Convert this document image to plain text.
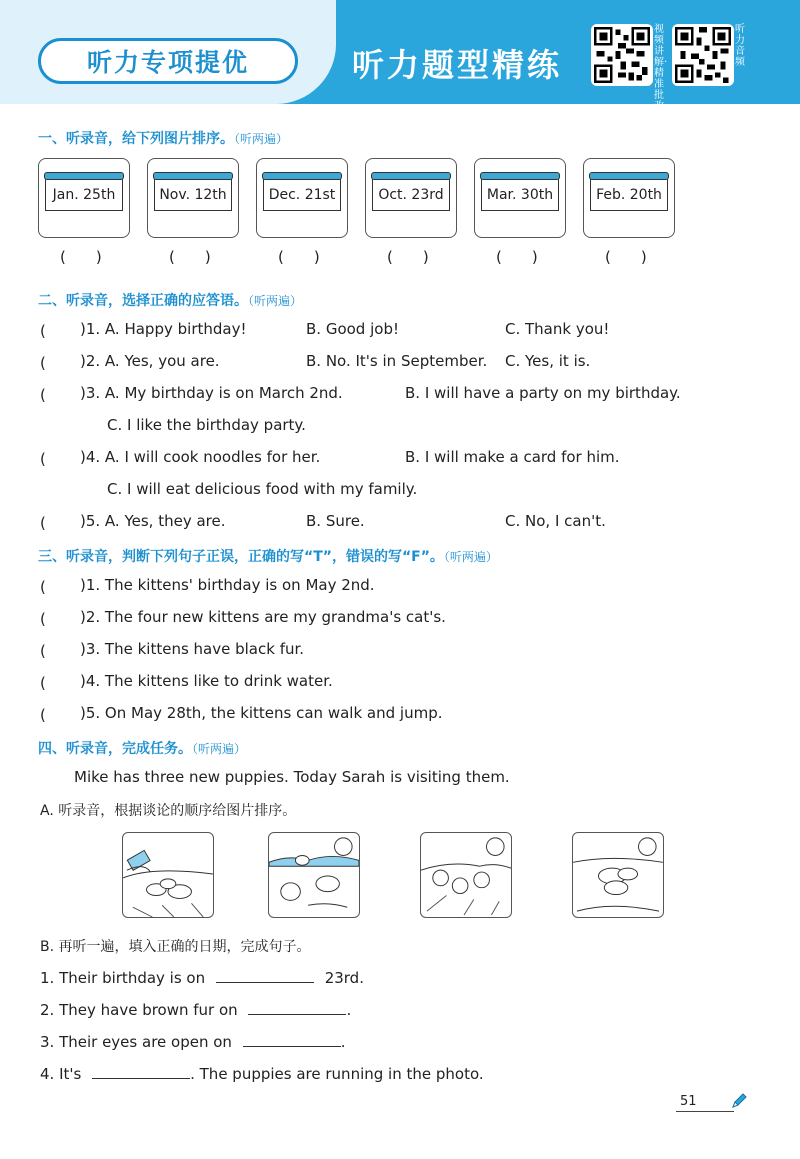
听力专项提优	听力题型精练
视频讲解·精准批改
听力音频
一、听录音，给下列图片排序。（听两遍）
Jan. 25th	Nov. 12th	Dec. 21st	Oct. 23rd	Mar. 30th	Feb. 20th
(　　)	(　　)	(　　)	(　　)	(　　)	(　　)
二、听录音，选择正确的应答语。（听两遍）
(　 )1. A. Happy birthday!	B. Good job!	C. Thank you!
(　 )2. A. Yes, you are.	B. No. It's in September. C. Yes, it is.
(　 )3. A. My birthday is on March 2nd.	B. I will have a party on my birthday.
C. I like the birthday party.
(　 )4. A. I will cook noodles for her.	B. I will make a card for him.
C. I will eat delicious food with my family.
(　 )5. A. Yes, they are.	B. Sure.	C. No, I can't.
三、听录音，判断下列句子正误，正确的写“T”，错误的写“F”。（听两遍）
(　 )1. The kittens' birthday is on May 2nd.
(　 )2. The four new kittens are my grandma's cat's.
(　 )3. The kittens have black fur.
(　 )4. The kittens like to drink water.
(　 )5. On May 28th, the kittens can walk and jump.
四、听录音，完成任务。（听两遍）
Mike has three new puppies. Today Sarah is visiting them.
A. 听录音，根据谈论的顺序给图片排序。
B. 再听一遍，填入正确的日期，完成句子。
1. Their birthday is on	23rd.
2. They have brown fur on	.
3. Their eyes are open on	.
4. It's	. The puppies are running in the photo.
51
